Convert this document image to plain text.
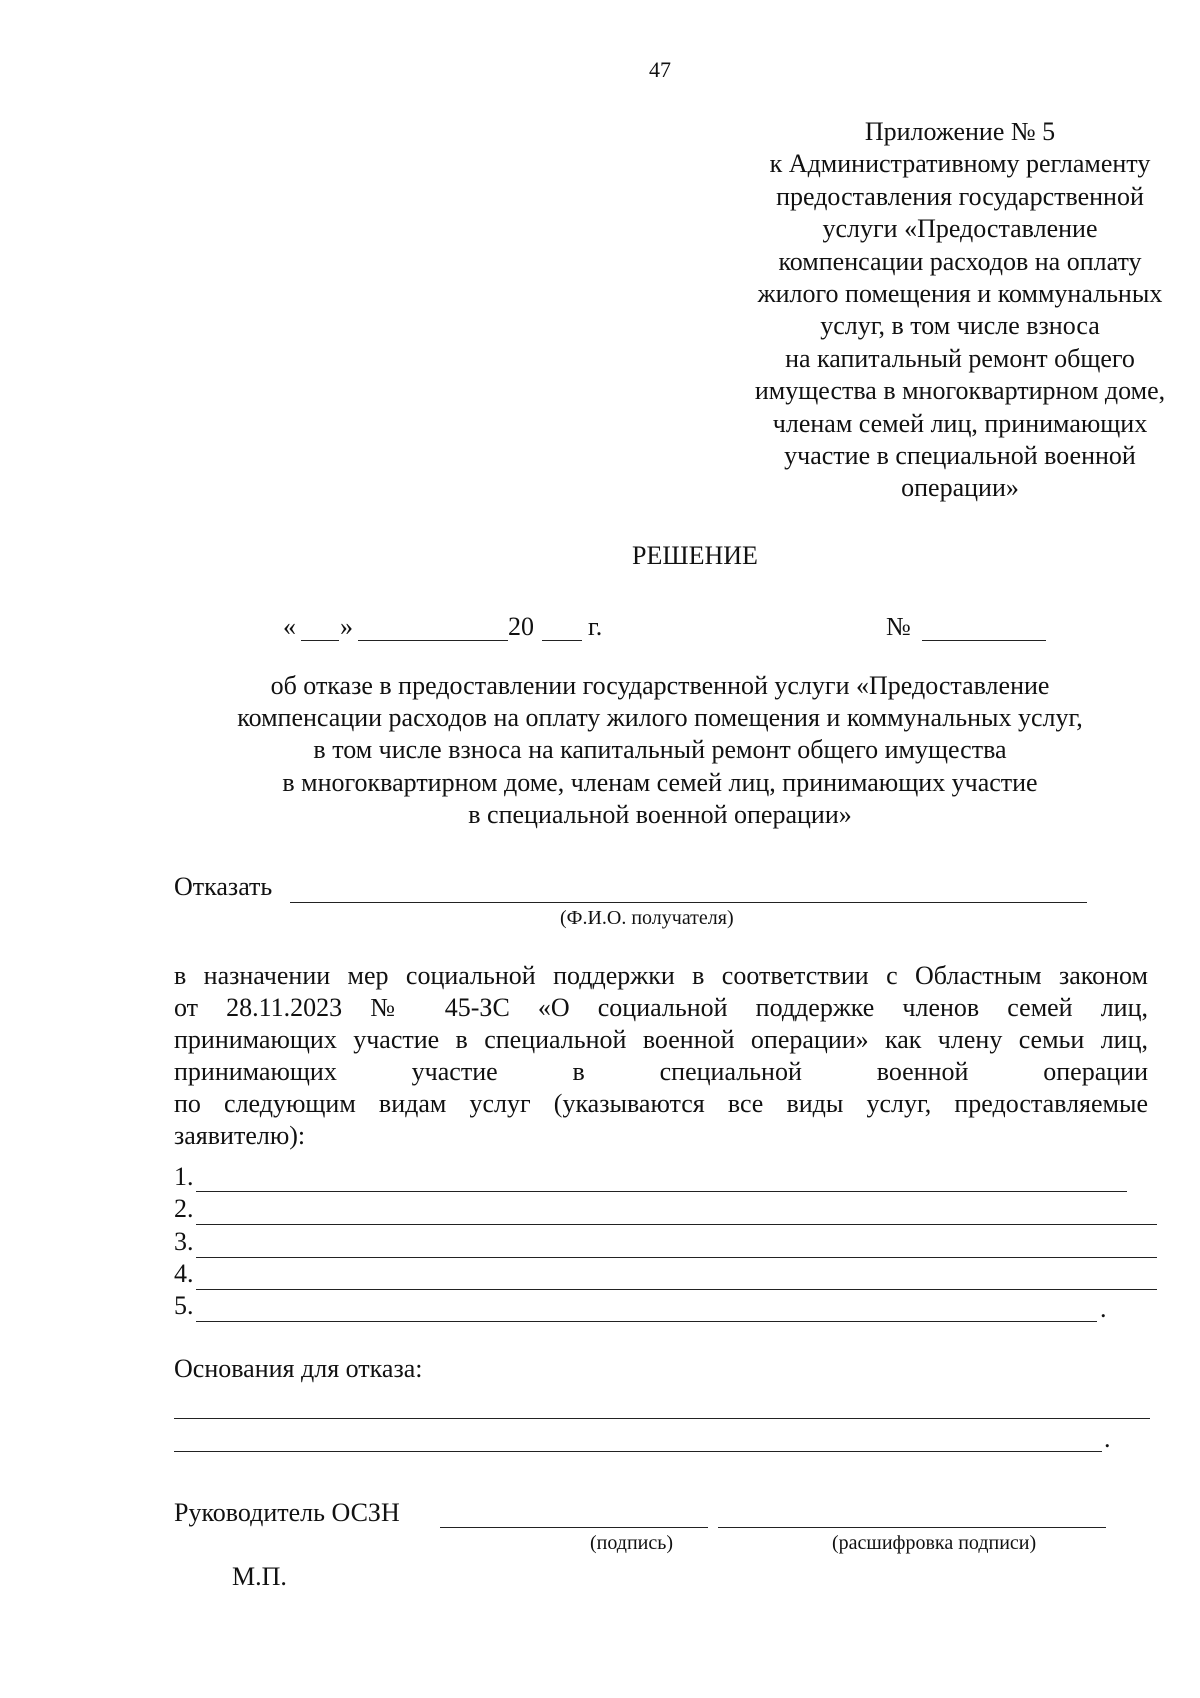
47
Приложение № 5
к Административному регламенту
предоставления государственной
услуги «Предоставление
компенсации расходов на оплату
жилого помещения и коммунальных
услуг, в том числе взноса
на капитальный ремонт общего
имущества в многоквартирном доме,
членам семей лиц, принимающих
участие в специальной военной
операции»
РЕШЕНИЕ
« »	20 г.	№
об отказе в предоставлении государственной услуги «Предоставление
компенсации расходов на оплату жилого помещения и коммунальных услуг,
в том числе взноса на капитальный ремонт общего имущества
в многоквартирном доме, членам семей лиц, принимающих участие
в специальной военной операции»
Отказать
(Ф.И.О. получателя)
в назначении мер социальной поддержки в соответствии с Областным законом
от 28.11.2023 № 45-ЗС «О социальной поддержке членов семей лиц,
принимающих участие в специальной военной операции» как члену семьи лиц,
принимающих участие в специальной военной операции
по следующим видам услуг (указываются все виды услуг, предоставляемые
заявителю):
1.
2.
3.
4.
5.	.
Основания для отказа:
.
Руководитель ОСЗН
(подпись)	(расшифровка подписи)
М.П.
